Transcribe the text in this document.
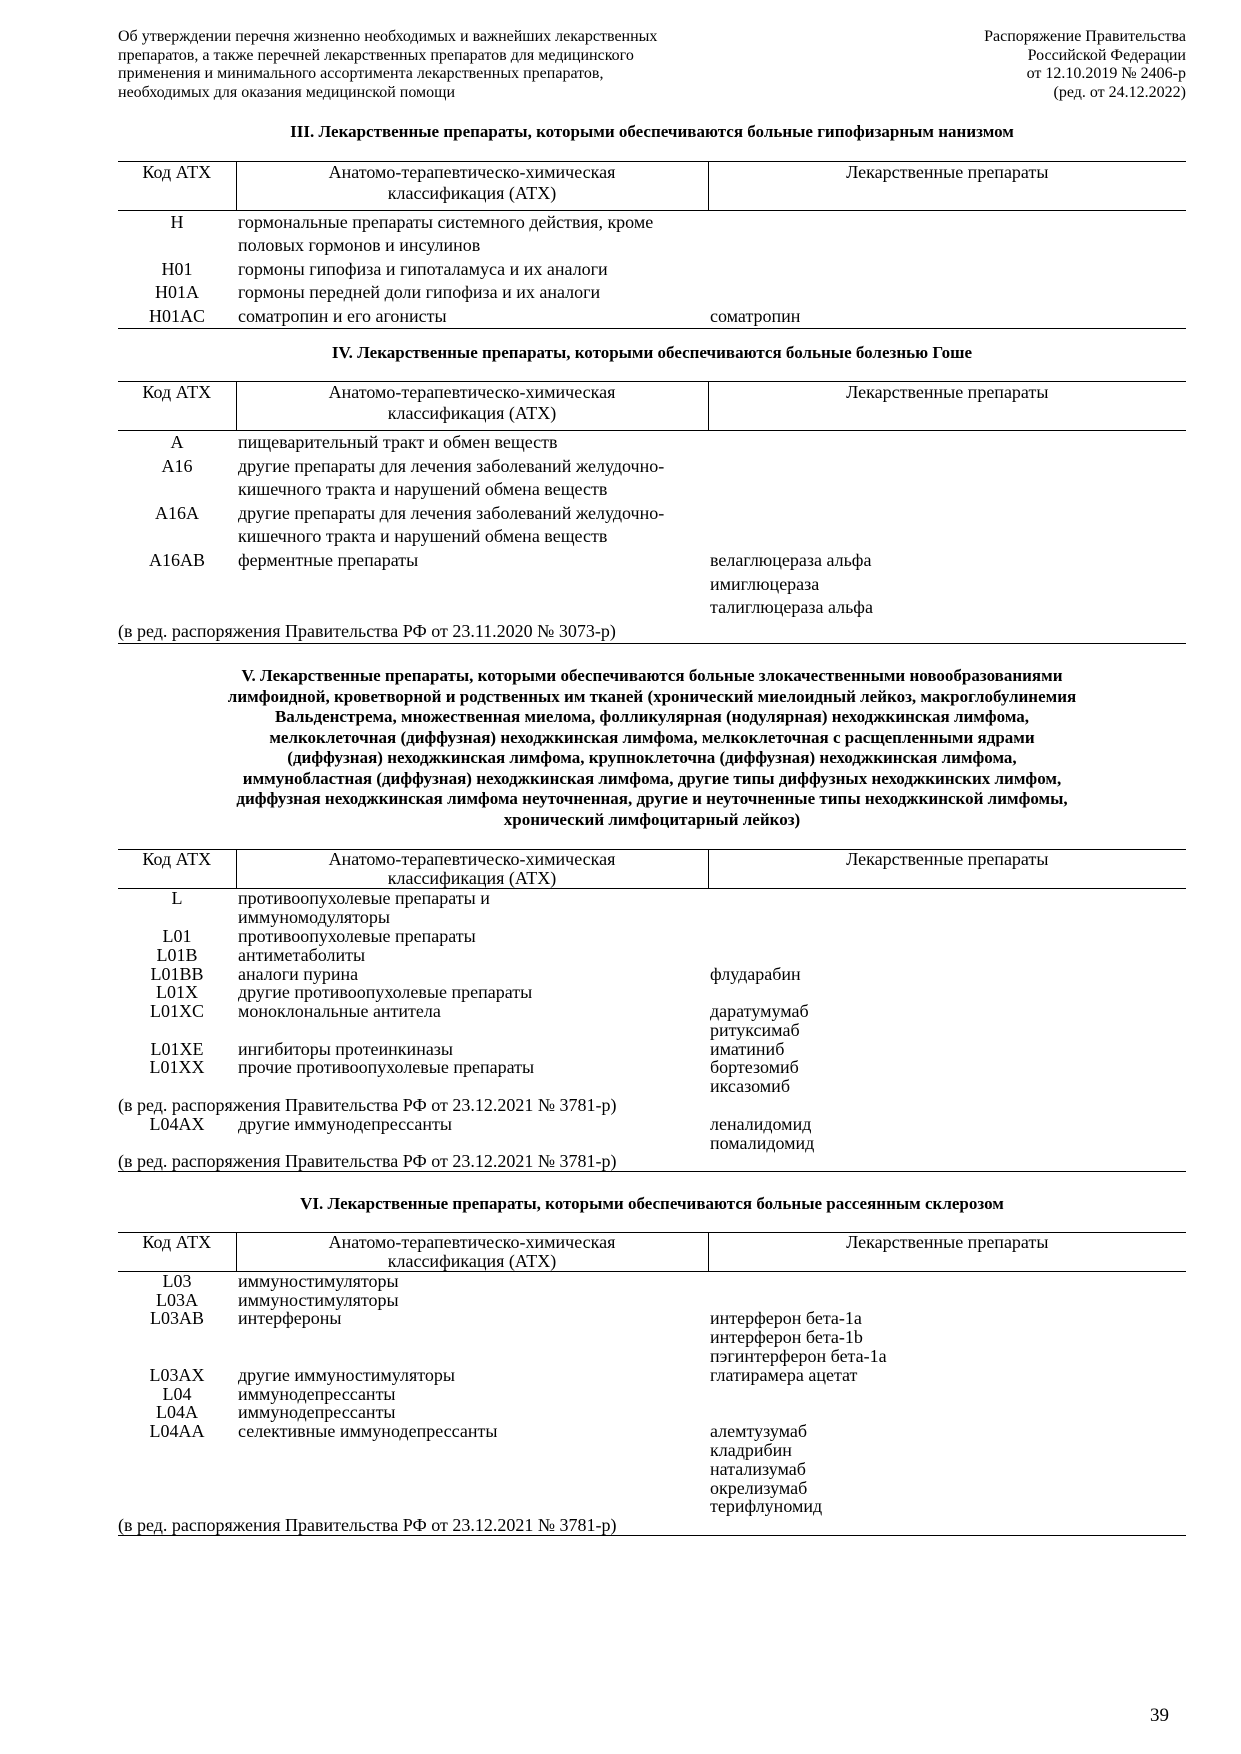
Об утверждении перечня жизненно необходимых и важнейших лекарственных
препаратов, а также перечней лекарственных препаратов для медицинского
применения и минимального ассортимента лекарственных препаратов,
необходимых для оказания медицинской помощи
Распоряжение Правительства
Российской Федерации
от 12.10.2019 № 2406-р
(ред. от 24.12.2022)
III. Лекарственные препараты, которыми обеспечиваются больные гипофизарным нанизмом
Код АТХ	Анатомо-терапевтическо-химическая
классификация (АТХ)	Лекарственные препараты
H	гормональные препараты системного действия, кроме половых гормонов и инсулинов	
H01	гормоны гипофиза и гипоталамуса и их аналоги	
H01A	гормоны передней доли гипофиза и их аналоги	
H01AC	соматропин и его агонисты	соматропин
IV. Лекарственные препараты, которыми обеспечиваются больные болезнью Гоше
Код АТХ	Анатомо-терапевтическо-химическая
классификация (АТХ)	Лекарственные препараты
A	пищеварительный тракт и обмен веществ	
A16	другие препараты для лечения заболеваний желудочно-кишечного тракта и нарушений обмена веществ	
A16A	другие препараты для лечения заболеваний желудочно-кишечного тракта и нарушений обмена веществ	
A16AB	ферментные препараты	велаглюцераза альфа
имиглюцераза
талиглюцераза альфа
(в ред. распоряжения Правительства РФ от 23.11.2020 № 3073-р)		
V. Лекарственные препараты, которыми обеспечиваются больные злокачественными новообразованиями
лимфоидной, кроветворной и родственных им тканей (хронический миелоидный лейкоз, макроглобулинемия
Вальденстрема, множественная миелома, фолликулярная (нодулярная) неходжкинская лимфома,
мелкоклеточная (диффузная) неходжкинская лимфома, мелкоклеточная с расщепленными ядрами
(диффузная) неходжкинская лимфома, крупноклеточна (диффузная) неходжкинская лимфома,
иммунобластная (диффузная) неходжкинская лимфома, другие типы диффузных неходжкинских лимфом,
диффузная неходжкинская лимфома неуточненная, другие и неуточненные типы неходжкинской лимфомы,
хронический лимфоцитарный лейкоз)
Код АТХ	Анатомо-терапевтическо-химическая
классификация (АТХ)	Лекарственные препараты
L	противоопухолевые препараты и
иммуномодуляторы	
L01	противоопухолевые препараты	
L01B	антиметаболиты	
L01BB	аналоги пурина	флударабин
L01X	другие противоопухолевые препараты	
L01XC	моноклональные антитела	даратумумаб
ритуксимаб
L01XE	ингибиторы протеинкиназы	иматиниб
L01XX	прочие противоопухолевые препараты	бортезомиб
иксазомиб
(в ред. распоряжения Правительства РФ от 23.12.2021 № 3781-р)		
L04AX	другие иммунодепрессанты	леналидомид
помалидомид
(в ред. распоряжения Правительства РФ от 23.12.2021 № 3781-р)		
VI. Лекарственные препараты, которыми обеспечиваются больные рассеянным склерозом
Код АТХ	Анатомо-терапевтическо-химическая
классификация (АТХ)	Лекарственные препараты
L03	иммуностимуляторы	
L03A	иммуностимуляторы	
L03AB	интерфероны	интерферон бета-1a
интерферон бета-1b
пэгинтерферон бета-1a
L03AX	другие иммуностимуляторы	глатирамера ацетат
L04	иммунодепрессанты	
L04A	иммунодепрессанты	
L04AA	селективные иммунодепрессанты	алемтузумаб
кладрибин
натализумаб
окрелизумаб
терифлуномид
(в ред. распоряжения Правительства РФ от 23.12.2021 № 3781-р)		
39
